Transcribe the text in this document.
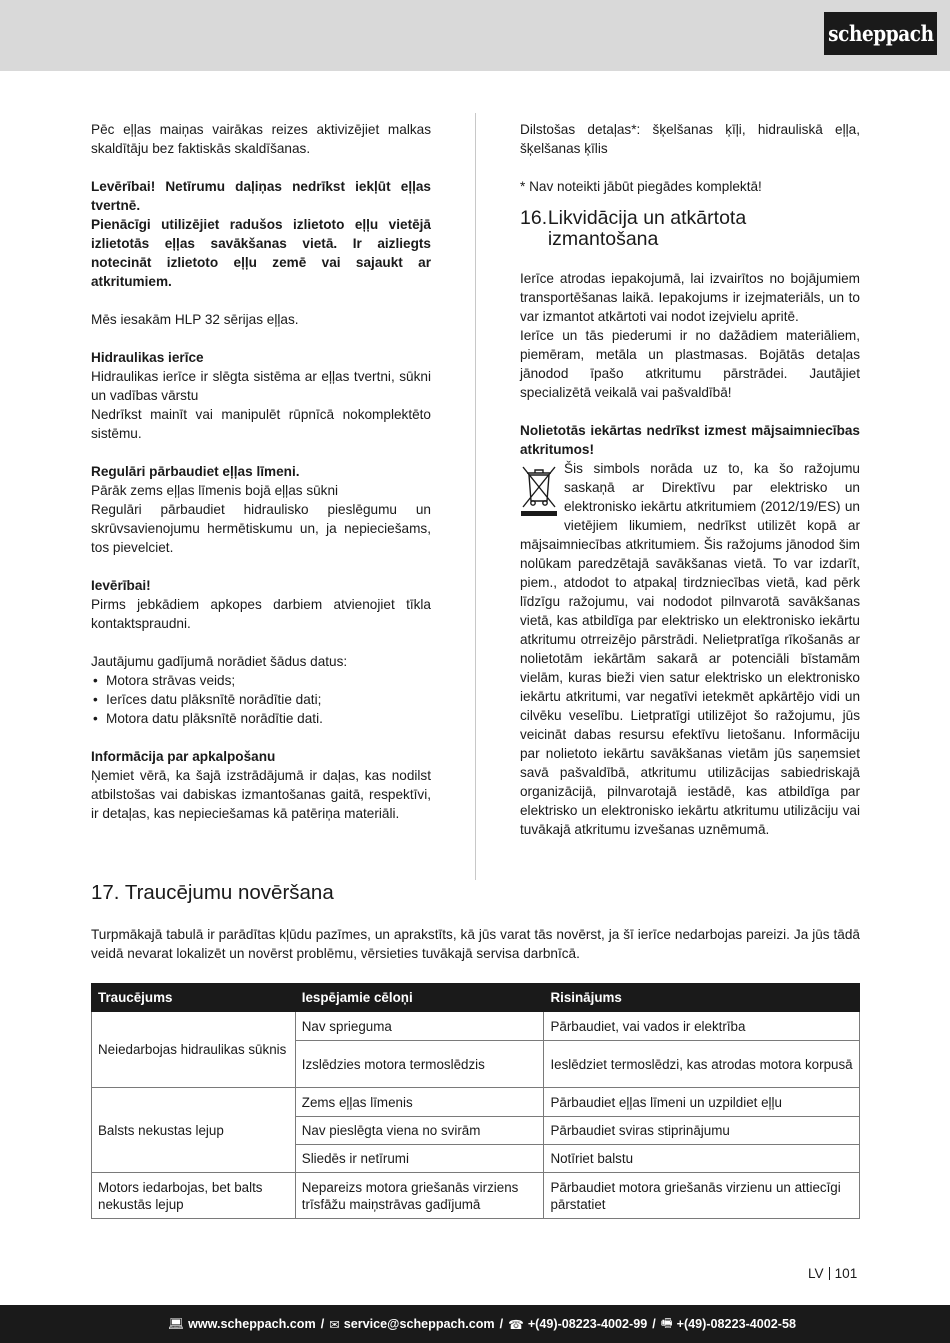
scheppach

Pēc eļļas maiņas vairākas reizes aktivizējiet malkas skaldītāju bez faktiskās skaldīšanas.

Levērībai! Netīrumu daļiņas nedrīkst iekļūt eļļas tvertnē.

Pienācīgi utilizējiet radušos izlietoto eļļu vietējā izlietotās eļļas savākšanas vietā. Ir aizliegts notecināt izlietoto eļļu zemē vai sajaukt ar atkritumiem.

Mēs iesakām HLP 32 sērijas eļļas.

Hidraulikas ierīce

Hidraulikas ierīce ir slēgta sistēma ar eļļas tvertni, sūkni un vadības vārstu

Nedrīkst mainīt vai manipulēt rūpnīcā nokomplektēto sistēmu.

Regulāri pārbaudiet eļļas līmeni.

Pārāk zems eļļas līmenis bojā eļļas sūkni

Regulāri pārbaudiet hidraulisko pieslēgumu un skrūvsavienojumu hermētiskumu un, ja nepieciešams, tos pievelciet.

Ievērībai!

Pirms jebkādiem apkopes darbiem atvienojiet tīkla kontaktspraudni.

Jautājumu gadījumā norādiet šādus datus:

• Motora strāvas veids;
• Ierīces datu plāksnītē norādītie dati;
• Motora datu plāksnītē norādītie dati.

Informācija par apkalpošanu

Ņemiet vērā, ka šajā izstrādājumā ir daļas, kas nodilst atbilstošas vai dabiskas izmantošanas gaitā, respektīvi, ir detaļas, kas nepieciešamas kā patēriņa materiāli.

Dilstošas detaļas*: šķelšanas ķīļi, hidrauliskā eļļa, šķelšanas ķīlis

* Nav noteikti jābūt piegādes komplektā!

16. Likvidācija un atkārtota izmantošana

Ierīce atrodas iepakojumā, lai izvairītos no bojājumiem transportēšanas laikā. Iepakojums ir izejmateriāls, un to var izmantot atkārtoti vai nodot izejvielu apritē.

Ierīce un tās piederumi ir no dažādiem materiāliem, piemēram, metāla un plastmasas. Bojātās detaļas jānodod īpašo atkritumu pārstrādei. Jautājiet specializētā veikalā vai pašvaldībā!

Nolietotās iekārtas nedrīkst izmest mājsaimniecības atkritumos!

Šis simbols norāda uz to, ka šo ražojumu saskaņā ar Direktīvu par elektrisko un elektronisko iekārtu atkritumiem (2012/19/ES) un vietējiem likumiem, nedrīkst utilizēt kopā ar mājsaimniecības atkritumiem. Šis ražojums jānodod šim nolūkam paredzētajā savākšanas vietā. To var izdarīt, piem., atdodot to atpakaļ tirdzniecības vietā, kad pērk līdzīgu ražojumu, vai nododot pilnvarotā savākšanas vietā, kas atbildīga par elektrisko un elektronisko iekārtu atkritumu otrreizējo pārstrādi. Nelietpratīga rīkošanās ar nolietotām iekārtām sakarā ar potenciāli bīstamām vielām, kuras bieži vien satur elektrisko un elektronisko iekārtu atkritumi, var negatīvi ietekmēt apkārtējo vidi un cilvēku veselību. Lietpratīgi utilizējot šo ražojumu, jūs veicināt dabas resursu efektīvu lietošanu. Informāciju par nolietoto iekārtu savākšanas vietām jūs saņemsiet savā pašvaldībā, atkritumu utilizācijas sabiedriskajā organizācijā, pilnvarotajā iestādē, kas atbildīga par elektrisko un elektronisko iekārtu atkritumu utilizāciju vai tuvākajā atkritumu izvešanas uznēmumā.

17. Traucējumu novēršana

Turpmākajā tabulā ir parādītas kļūdu pazīmes, un aprakstīts, kā jūs varat tās novērst, ja šī ierīce nedarbojas pareizi. Ja jūs tādā veidā nevarat lokalizēt un novērst problēmu, vērsieties tuvākajā servisa darbnīcā.

Traucējums	Iespējamie cēloņi	Risinājums
Neiedarbojas hidraulikas sūknis	Nav sprieguma	Pārbaudiet, vai vados ir elektrība
	Izslēdzies motora termoslēdzis	Ieslēdziet termoslēdzi, kas atrodas motora korpusā
Balsts nekustas lejup	Zems eļļas līmenis	Pārbaudiet eļļas līmeni un uzpildiet eļļu
	Nav pieslēgta viena no svirām	Pārbaudiet sviras stiprinājumu
	Sliedēs ir netīrumi	Notīriet balstu
Motors iedarbojas, bet balts nekustās lejup	Nepareizs motora griešanās virziens trīsfāžu maiņstrāvas gadījumā	Pārbaudiet motora griešanās virzienu un attiecīgi pārstatiet
LV 101
💻︎ www.scheppach.com / ✉︎ service@scheppach.com / ☎︎ +(49)-08223-4002-99 / 🖷︎ +(49)-08223-4002-58
